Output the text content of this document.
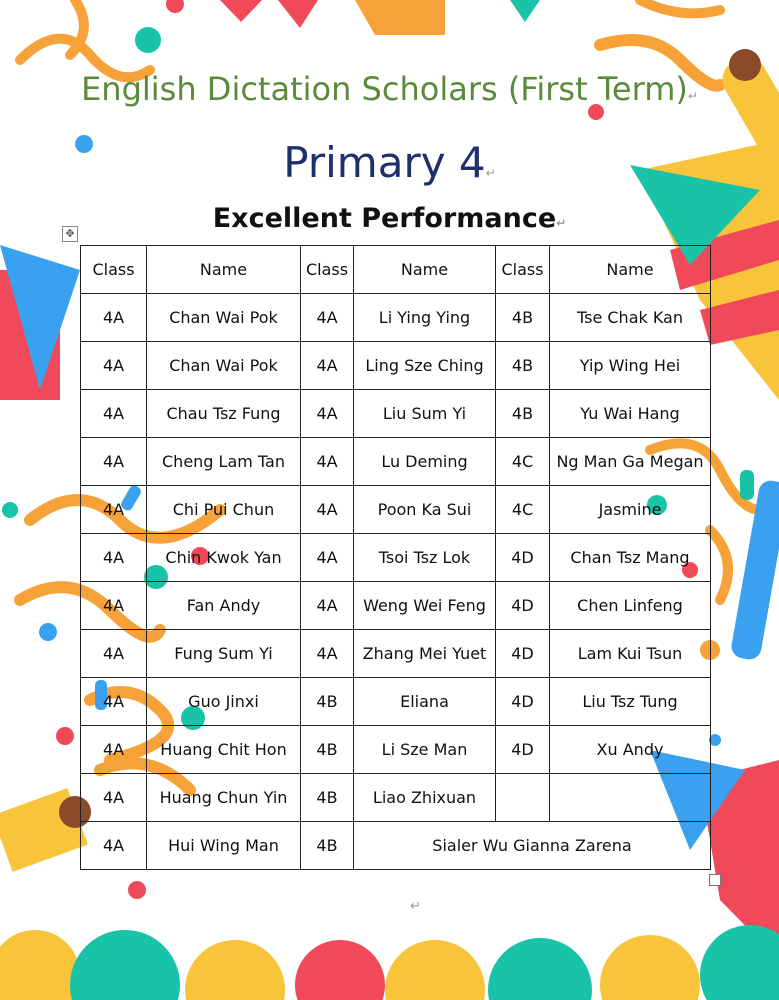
English Dictation Scholars (First Term)↵
Primary 4↵
Excellent Performance↵
✥
Class	Name	Class	Name	Class	Name
4A	Chan Wai Pok	4A	Li Ying Ying	4B	Tse Chak Kan
4A	Chan Wai Pok	4A	Ling Sze Ching	4B	Yip Wing Hei
4A	Chau Tsz Fung	4A	Liu Sum Yi	4B	Yu Wai Hang
4A	Cheng Lam Tan	4A	Lu Deming	4C	Ng Man Ga Megan
4A	Chi Pui Chun	4A	Poon Ka Sui	4C	Jasmine
4A	Chin Kwok Yan	4A	Tsoi Tsz Lok	4D	Chan Tsz Mang
4A	Fan Andy	4A	Weng Wei Feng	4D	Chen Linfeng
4A	Fung Sum Yi	4A	Zhang Mei Yuet	4D	Lam Kui Tsun
4A	Guo Jinxi	4B	Eliana	4D	Liu Tsz Tung
4A	Huang Chit Hon	4B	Li Sze Man	4D	Xu Andy
4A	Huang Chun Yin	4B	Liao Zhixuan		
4A	Hui Wing Man	4B	Sialer Wu Gianna Zarena		
↵
